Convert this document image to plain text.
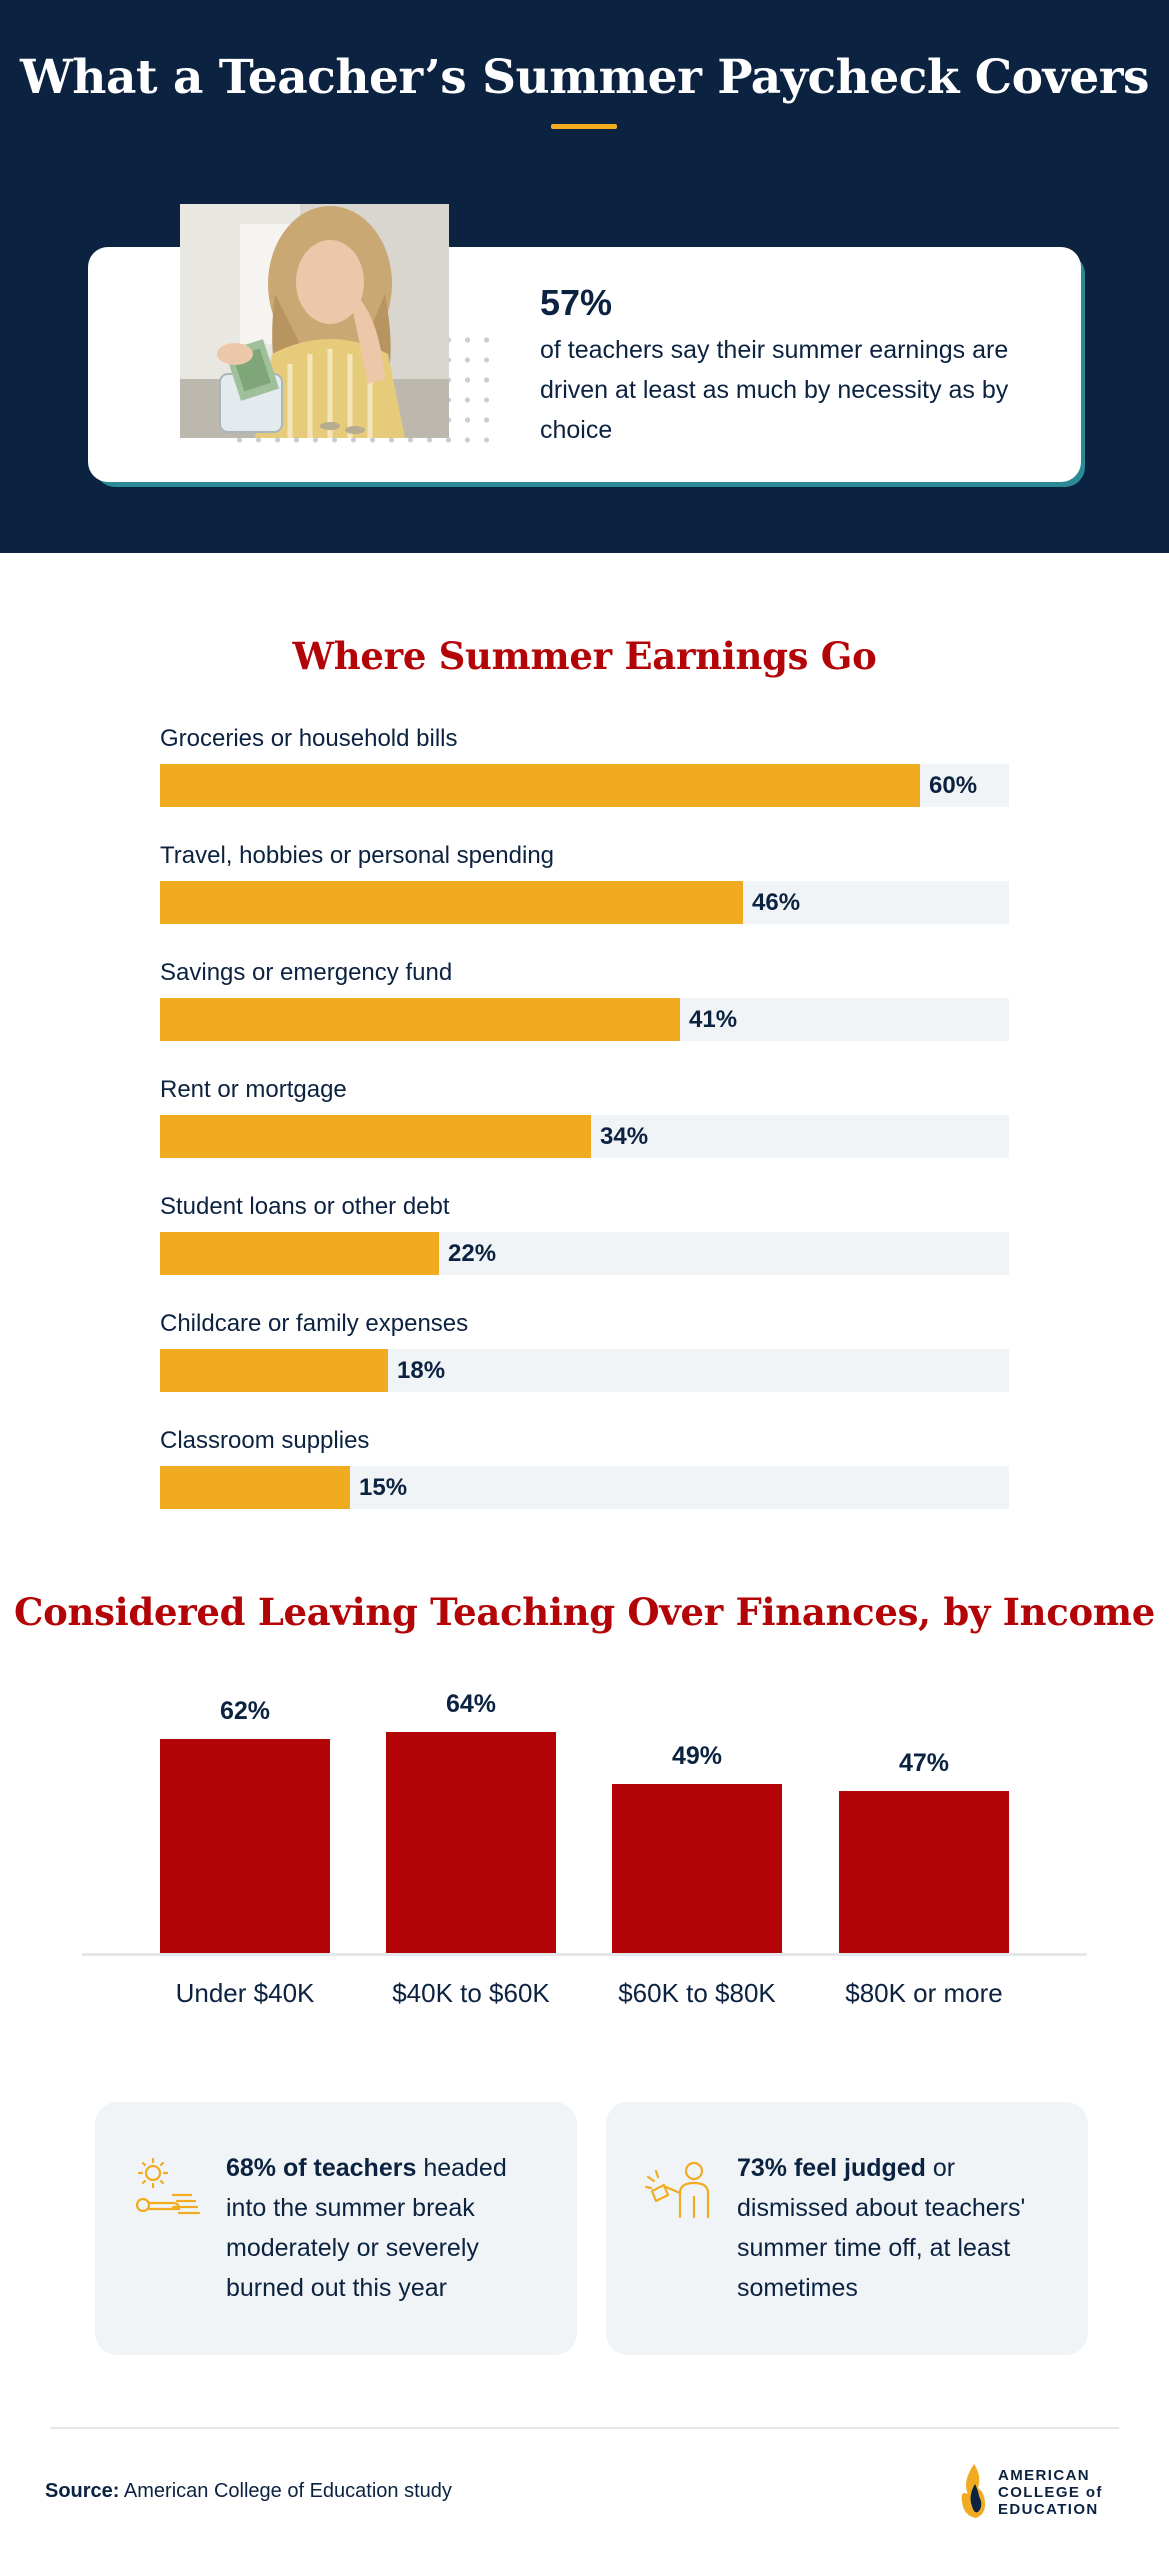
What a Teacher’s Summer Paycheck Covers
57%
of teachers say their summer earnings are driven at least as much by necessity as by choice
Where Summer Earnings Go
Groceries or household bills
60%
Travel, hobbies or personal spending
46%
Savings or emergency fund
41%
Rent or mortgage
34%
Student loans or other debt
22%
Childcare or family expenses
18%
Classroom supplies
15%
Considered Leaving Teaching Over Finances, by Income
62%
Under $40K
64%
$40K to $60K
49%
$60K to $80K
47%
$80K or more
68% of teachers headed into the summer break moderately or severely burned out this year
73% feel judged or dismissed about teachers' summer time off, at least sometimes
Source: American College of Education study
AMERICAN
COLLEGE of
EDUCATION
